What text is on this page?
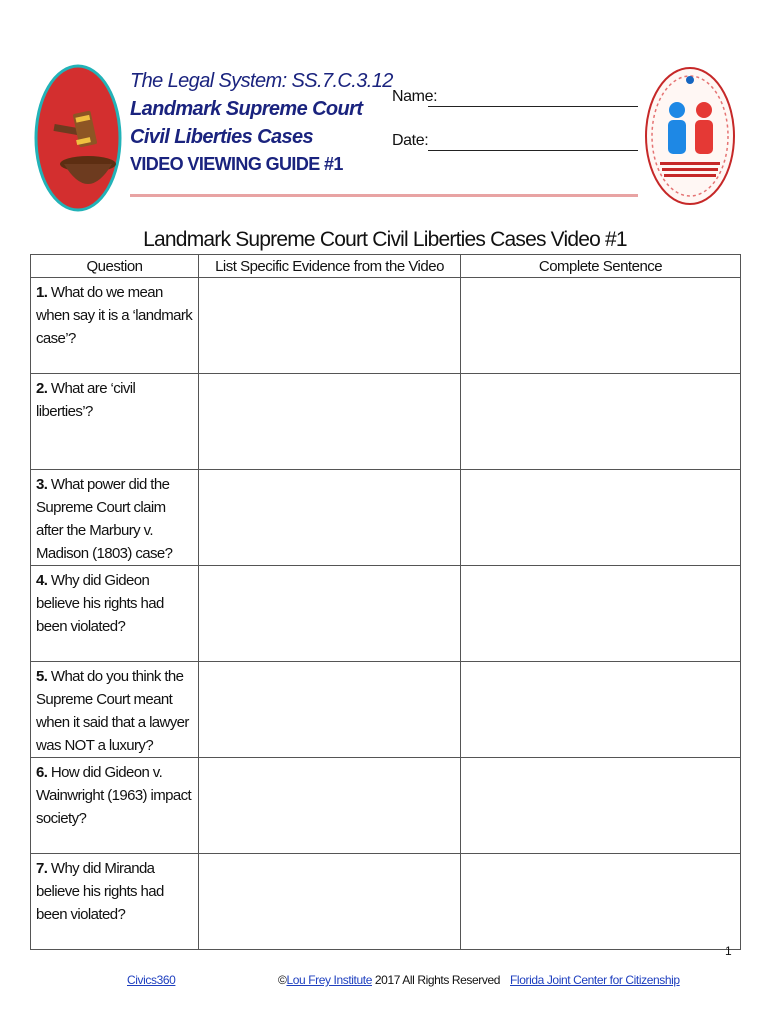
The Legal System: SS.7.C.3.12
Landmark Supreme Court
Civil Liberties Cases
VIDEO VIEWING GUIDE #1
Name:
Date:
Landmark Supreme Court Civil Liberties Cases Video #1
Question	List Specific Evidence from the Video	Complete Sentence
1. What do we mean when say it is a ‘landmark case’?		
2. What are ‘civil liberties’?		
3. What power did the Supreme Court claim after the Marbury v. Madison (1803) case?		
4. Why did Gideon believe his rights had been violated?		
5. What do you think the Supreme Court meant when it said that a lawyer was NOT a luxury?		
6. How did Gideon v. Wainwright (1963) impact society?		
7. Why did Miranda believe his rights had been violated?		
1
Civics360	©Lou Frey Institute 2017 All Rights Reserved Florida Joint Center for Citizenship
